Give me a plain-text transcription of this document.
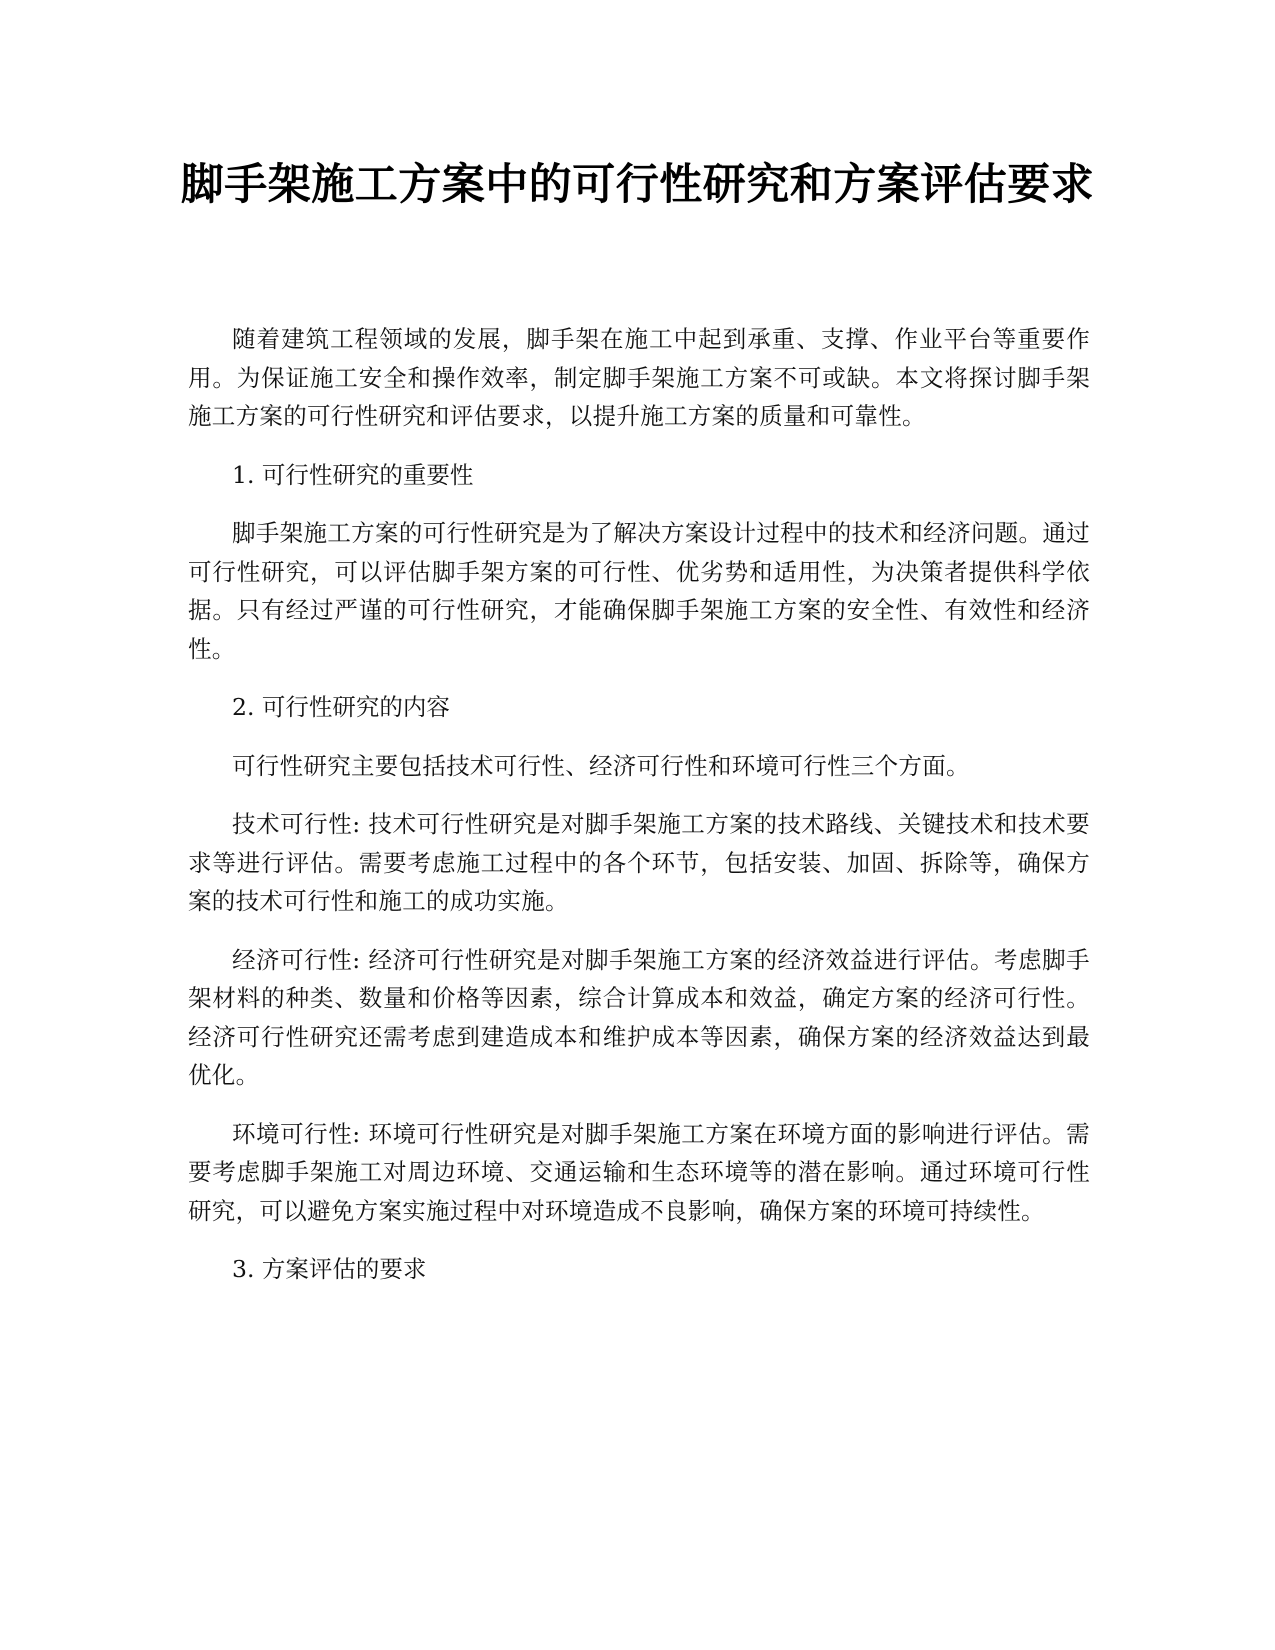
脚手架施工方案中的可行性研究和方案评估要求

随着建筑工程领域的发展，脚手架在施工中起到承重、支撑、作业平台等重要作用。为保证施工安全和操作效率，制定脚手架施工方案不可或缺。本文将探讨脚手架施工方案的可行性研究和评估要求，以提升施工方案的质量和可靠性。

1. 可行性研究的重要性

脚手架施工方案的可行性研究是为了解决方案设计过程中的技术和经济问题。通过可行性研究，可以评估脚手架方案的可行性、优劣势和适用性，为决策者提供科学依据。只有经过严谨的可行性研究，才能确保脚手架施工方案的安全性、有效性和经济性。

2. 可行性研究的内容

可行性研究主要包括技术可行性、经济可行性和环境可行性三个方面。

技术可行性: 技术可行性研究是对脚手架施工方案的技术路线、关键技术和技术要求等进行评估。需要考虑施工过程中的各个环节，包括安装、加固、拆除等，确保方案的技术可行性和施工的成功实施。

经济可行性: 经济可行性研究是对脚手架施工方案的经济效益进行评估。考虑脚手架材料的种类、数量和价格等因素，综合计算成本和效益，确定方案的经济可行性。经济可行性研究还需考虑到建造成本和维护成本等因素，确保方案的经济效益达到最优化。

环境可行性: 环境可行性研究是对脚手架施工方案在环境方面的影响进行评估。需要考虑脚手架施工对周边环境、交通运输和生态环境等的潜在影响。通过环境可行性研究，可以避免方案实施过程中对环境造成不良影响，确保方案的环境可持续性。

3. 方案评估的要求
